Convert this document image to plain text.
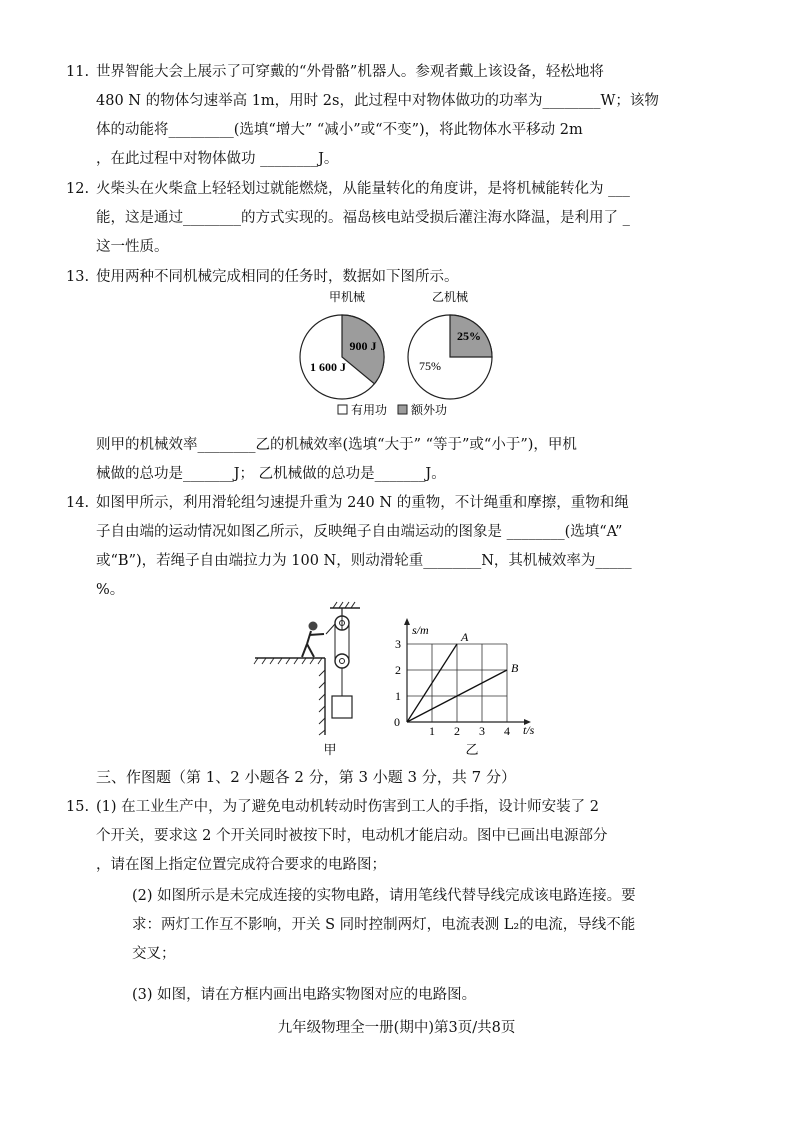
11. 世界智能大会上展示了可穿戴的“外骨骼”机器人。参观者戴上该设备，轻松地将
480 N 的物体匀速举高 1m，用时 2s，此过程中对物体做功的功率为________W；该物
体的动能将_________(选填“增大” “减小”或“不变”)，将此物体水平移动 2m
，在此过程中对物体做功 ________J。
12. 火柴头在火柴盒上轻轻划过就能燃烧，从能量转化的角度讲，是将机械能转化为 ___
能，这是通过________的方式实现的。福岛核电站受损后灌注海水降温，是利用了 _
这一性质。
13. 使用两种不同机械完成相同的任务时，数据如下图所示。
甲机械	乙机械
900 J
1 600 J
25%
75%
有用功 额外功
则甲的机械效率________乙的机械效率(选填“大于” “等于”或“小于”)，甲机
械做的总功是_______J； 乙机械做的总功是_______J。
14. 如图甲所示，利用滑轮组匀速提升重为 240 N 的重物，不计绳重和摩擦，重物和绳
子自由端的运动情况如图乙所示，反映绳子自由端运动的图象是 ________(选填“A”
或“B”)，若绳子自由端拉力为 100 N，则动滑轮重________N，其机械效率为_____
%。
甲
s/m
t/s
0
1 2 3 4
1
2
3	A
B
乙
三、作图题（第 1、2 小题各 2 分，第 3 小题 3 分，共 7 分）
15. (1) 在工业生产中，为了避免电动机转动时伤害到工人的手指，设计师安装了 2
个开关，要求这 2 个开关同时被按下时，电动机才能启动。图中已画出电源部分
，请在图上指定位置完成符合要求的电路图；
(2) 如图所示是未完成连接的实物电路，请用笔线代替导线完成该电路连接。要
求：两灯工作互不影响，开关 S 同时控制两灯，电流表测 L₂的电流，导线不能
交叉；
(3) 如图，请在方框内画出电路实物图对应的电路图。
九年级物理全一册(期中)第3页/共8页
